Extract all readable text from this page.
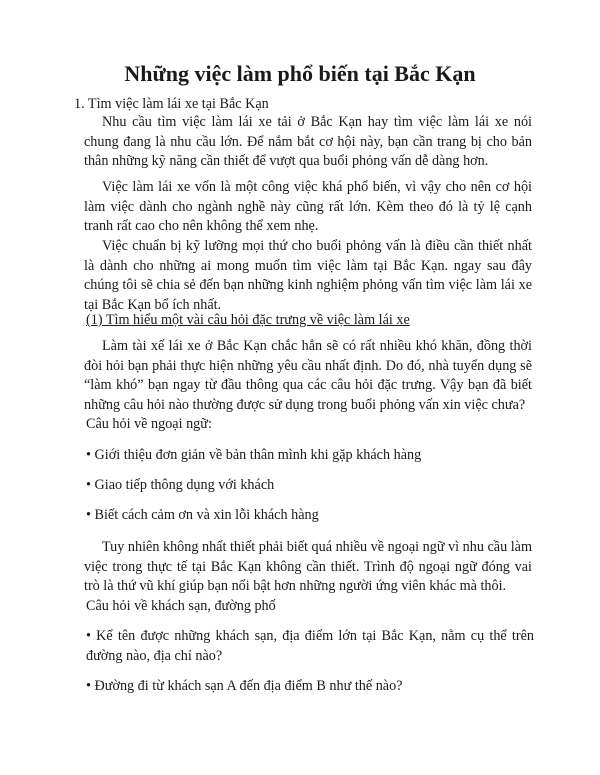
Những việc làm phổ biến tại Bắc Kạn

1. Tìm việc làm lái xe tại Bắc Kạn

Nhu cầu tìm việc làm lái xe tải ở Bắc Kạn hay tìm việc làm lái xe nói chung đang là nhu cầu lớn. Để nắm bắt cơ hội này, bạn cần trang bị cho bản thân những kỹ năng cần thiết để vượt qua buổi phỏng vấn dễ dàng hơn.

Việc làm lái xe vốn là một công việc khá phổ biến, vì vậy cho nên cơ hội làm việc dành cho ngành nghề này cũng rất lớn. Kèm theo đó là tỷ lệ cạnh tranh rất cao cho nên không thể xem nhẹ.

Việc chuẩn bị kỹ lưỡng mọi thứ cho buổi phỏng vấn là điều cần thiết nhất là dành cho những ai mong muốn tìm việc làm tại Bắc Kạn. ngay sau đây chúng tôi sẽ chia sẻ đến bạn những kinh nghiệm phỏng vấn tìm việc làm lái xe tại Bắc Kạn bổ ích nhất.

(1) Tìm hiểu một vài câu hỏi đặc trưng về việc làm lái xe

Làm tài xế lái xe ở Bắc Kạn chắc hẳn sẽ có rất nhiều khó khăn, đồng thời đòi hỏi bạn phải thực hiện những yêu cầu nhất định. Do đó, nhà tuyển dụng sẽ “làm khó” bạn ngay từ đầu thông qua các câu hỏi đặc trưng. Vậy bạn đã biết những câu hỏi nào thường được sử dụng trong buổi phỏng vấn xin việc chưa?

Câu hỏi về ngoại ngữ:

• Giới thiệu đơn giản về bản thân mình khi gặp khách hàng

• Giao tiếp thông dụng với khách

• Biết cách cảm ơn và xin lỗi khách hàng

Tuy nhiên không nhất thiết phải biết quá nhiều về ngoại ngữ vì nhu cầu làm việc trong thực tế tại Bắc Kạn không cần thiết. Trình độ ngoại ngữ đóng vai trò là thứ vũ khí giúp bạn nổi bật hơn những người ứng viên khác mà thôi.

Câu hỏi về khách sạn, đường phố

• Kể tên được những khách sạn, địa điểm lớn tại Bắc Kạn, nằm cụ thể trên đường nào, địa chỉ nào?

• Đường đi từ khách sạn A đến địa điểm B như thế nào?
